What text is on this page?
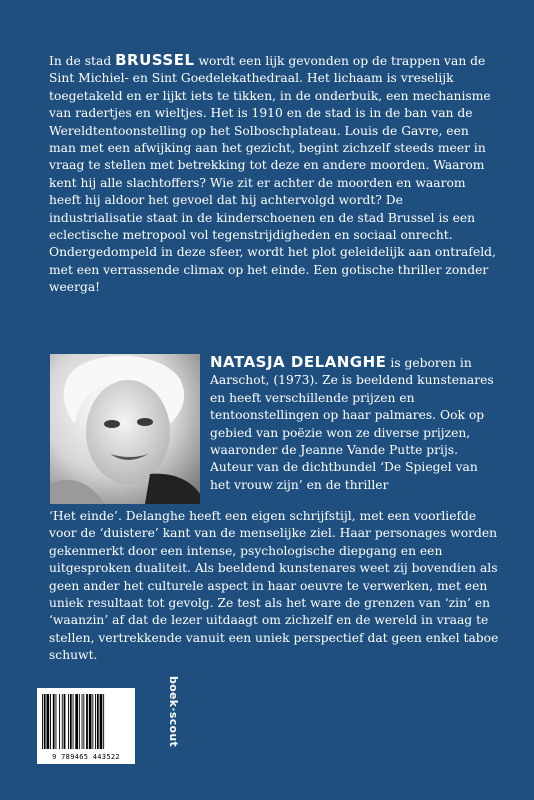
In de stad BRUSSEL wordt een lijk gevonden op de trappen van de Sint Michiel- en Sint Goedelekathedraal. Het lichaam is vreselijk toegetakeld en er lijkt iets te tikken, in de onderbuik, een mechanisme van radertjes en wieltjes. Het is 1910 en de stad is in de ban van de Wereldtentoonstelling op het Solboschplateau. Louis de Gavre, een man met een afwijking aan het gezicht, begint zichzelf steeds meer in vraag te stellen met betrekking tot deze en andere moorden. Waarom kent hij alle slachtoffers? Wie zit er achter de moorden en waarom heeft hij aldoor het gevoel dat hij achtervolgd wordt? De industrialisatie staat in de kinderschoenen en de stad Brussel is een eclectische metropool vol tegenstrijdigheden en sociaal onrecht. Ondergedompeld in deze sfeer, wordt het plot geleidelijk aan ontrafeld, met een verrassende climax op het einde. Een gotische thriller zonder weerga!
NATASJA DELANGHE is geboren in Aarschot, (1973). Ze is beeldend kunstenares en heeft verschillende prijzen en tentoonstellingen op haar palmares. Ook op gebied van poëzie won ze diverse prijzen, waaronder de Jeanne Vande Putte prijs. Auteur van de dichtbundel ‘De Spiegel van het vrouw zijn’ en de thriller
‘Het einde’. Delanghe heeft een eigen schrijfstijl, met een voorliefde voor de ‘duistere’ kant van de menselijke ziel. Haar personages worden gekenmerkt door een intense, psychologische diepgang en een uitgesproken dualiteit. Als beeldend kunstenares weet zij bovendien als geen ander het culturele aspect in haar oeuvre te verwerken, met een uniek resultaat tot gevolg. Ze test als het ware de grenzen van ‘zin’ en ‘waanzin’ af dat de lezer uitdaagt om zichzelf en de wereld in vraag te stellen, vertrekkende vanuit een uniek perspectief dat geen enkel taboe schuwt.
9 789465 443522
boek·scout
